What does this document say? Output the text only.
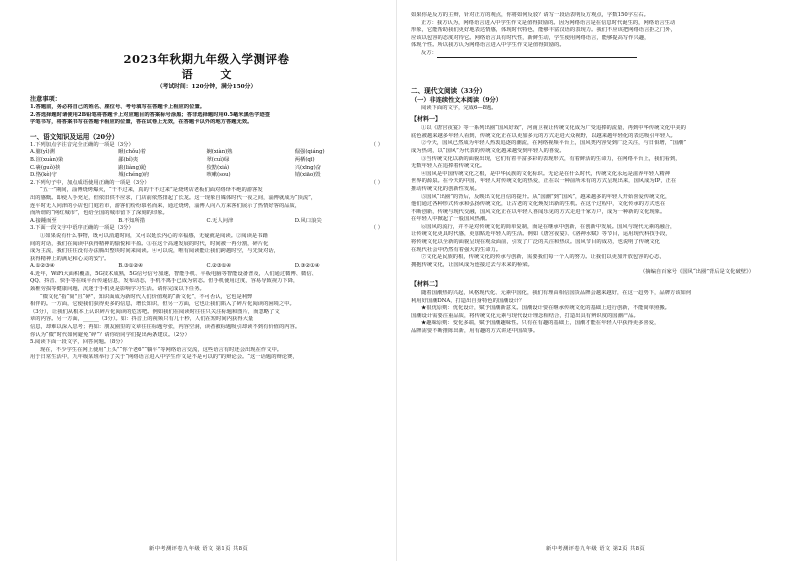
2023年秋期九年级入学测评卷
语 文
（考试时间：120分钟，满分150分）
注意事项：
1.答题前，务必将自己的姓名、座位号、考号填写在答题卡上相应的位置。
2.答选择题时请使用2B铅笔将答题卡上对应题目的答案标号涂黑；答非选择题时用0.5毫米黑色字迹签
字笔书写，将答案书写在答题卡相应的位置，答在试卷上无效，在答题卡以外的地方答题无效。
一、语文知识及运用（20分）
1.下列加点字注音完全正确的一项是（3分）	（ ）
A.臆(yì)测	瞅(chǒu)着	娴(xiàn)熟	倔强(qiáng)
B.渲(xuàn)染	鄙(bǐ)夷	翠(cuì)绿	两栖(qī)
C.裹(guǒ)挟	踉(liàng)跄	狡黠(xiá)	兴(xīng)奋
D.恪(kè)守	城(chéng)府	咳嗽(sou)	销(xiāo)毁
2.下列句子中，加点成语使用正确的一项是（3分）	（ ）
“五一”期间，淄博烧烤爆火，“干不过来，真的干不过来”是烧烤店老板们面对络绎不绝的游客发
出的感慨。即使人手充足，但依旧供不应求，门店前依然排起了长龙。这一现象自媒体时代一夜之间，淄博就成为“顶流”，
连平时无人问津的小店也门庭若市，游客们纷纷慕名而来，通过烧烤，淄博人向八方来客们展示了热情好客的品质，
而所谓的“网红城市”，也给全国的城市留下了深刻的印象。
A.接踵而至	B.不知所措	C.无人问津	D.风口浪尖
3.下面一段文字中语序正确的一项是（3分）	（ ）
①如果说有什么事物，既可以消遣时间，又可以延长内心的幸福感，无疑就是阅读。②阅读是书籍
间的对话，我们在阅读中获得精神的愉悦和丰盈。③在这个高速发展的时代，时间被一再分割，碎片化
成为主流，我们往往没有办法腾出整块时间来阅读。④可以说，唯有阅读能让我们跨越时空，与先贤对话，
获得精神上的满足和心灵的安宁。
A.①②③④	B.③①②④	C.②③①④	D.③②①④
4.近年，WiFi大面积覆盖，5G技术成熟，5G信号信号加速，智能手机、平板电脑等智能设备普及，人们通过微博、微信、
QQ、抖音、快手等在线平台传递信息，发布动态，手机不离手已成为常态。但手机使用过度，容易导致视力下降，
颈椎劳损等健康问题，沉迷于手机更是影响学习生活。请你完成以下任务。
“微文化”指“简”且“碎”，知识面成为新时代人们价值观的“新文化”，不可否认，它也是利弊
相伴的。一方面，它使我们获得更多的信息，增长知识，但另一方面，它也让我们陷入了碎片化阅读的困境之中。
（3分），让我们从根本上认识碎片化阅读的危害吧。例如我们在阅读时往往只关注标题和图片，而忽略了文
章的内容。另一方面，______（3分）。如：抖音上的视频只有几十秒，人们在短时间内获得大量
信息，却难以深入思考；再如：朋友圈里的文章往往标题夸张，内容空洞，读者被标题吸引却读不到有价值的内容。
你认为“微”时代如何避免“碎”？请你给同学们提出两条建议。（2分）
5.阅读下面一段文字，回答问题。（8分）
现在，不少学生在网上使用“上头”“你个老6”“躺平”等网络语言交流，这些语言有时还会出现在作文中。
用于日常生活中，九年级某班举行了关于“网络语言进入中学生作文是不是可以的”的辩论会。“这一话题的辩论赛，
新中考测评卷九年级 语文 第1页 共8页
如果你是反方的主辩，针对正方的观点，你将如何反驳？请写一段话表明反方观点，字数150字左右。
正方：我方认为，网络语言进入中学生作文是值得鼓励的。因为网络语言是在信息时代诞生的，网络语言生动
形象，它能帮助我们更好地表达情感，体现时代特色，能够丰富汉语的表现力。我们不应该把网络语言拒之门外，
应该以包容的态度对待它。网络语言具有时代性，新鲜生动，学生使用网络语言，能够提高写作兴趣，
体现个性。所以我方认为网络语言进入中学生作文是值得鼓励的。
反方：
二、现代文阅读（33分）
（一）非连续性文本阅读（9分）
阅读下面的文字，完成6—8题。
【材料一】
①以《唐宫夜宴》等一系列出圈“国风好戏”，河南卫视让传统文化成为广受追捧的流量，再到中华传统文化中美的
底色被越来越多年轻人看到，传统文化正在以更加多元的方式走进大众视野，以越来越年轻化的表达吸引年轻人。
②今天，国风已然成为年轻人热衷追逐的潮流，在网络视频平台上，国风类内容受到广泛关注，与日俱增，“国潮”
成为热词，以“国风”为代表的传统文化越来越受到年轻人的喜爱。
③当传统文化以新的面貌出现，它们有着丰富多彩的表现形式，有着鲜活的生命力，在网络平台上，我们看到，
无数年轻人在追捧着传统文化。
④国风是中国传统文化之根，是中华民族的文化标识。无论是在什么时代，传统文化永远是滋养年轻人精神
世界的源泉。在今天的中国，年轻人对传统文化的热爱，正在以一种前所未有的方式呈现出来，国风成为IP，正在
推动传统文化的创新性发展。
⑤国风“出圈”的背后，反映出文化自信的提升。从“国潮”到“国风”，越来越多的年轻人开始喜爱传统文化，
他们通过各种形式传承和弘扬传统文化，让古老的文化焕发出新的生机。在这个过程中，文化传承的方式也在
不断创新，传统与现代交融，国风文化正在以年轻人喜闻乐见的方式走进千家万户，成为一种新的文化现象。
在年轻人中掀起了一股国风热潮。
⑥国风的流行，并不是对传统文化的简单复制，而是在继承中创新，在创新中发展。国风与现代元素的融合，
让传统文化更具时代感，更加贴近年轻人的生活。例如《唐宫夜宴》、《洛神水赋》等节目，运用现代科技手段，
将传统文化以全新的面貌呈现在观众面前，引发了广泛的关注和热议。国风节目的成功，也说明了传统文化
在现代社会中仍然有着强大的生命力。
⑦文化是民族的根，传统文化的传承与创新，需要我们每一个人的努力。让我们以更加开放包容的心态，
拥抱传统文化，让国风成为连接过去与未来的桥梁。
（摘编自百家号《国风“出圈”背后是文化破壁》）
【材料二】
随着国潮热的兴起，风格现代化、元素中国化，我们有理由相信国货品牌会越来越好，在这一趋势下，品牌方该如何
利用好国潮DNA，打造出自身特色的国潮设计？
★很优原则：优化设计，赋予国潮新意义。国潮设计要在继承传统文化的基础上进行创新，不能简单照搬。
国潮设计需要注重品质，将传统文化元素与现代设计理念相结合，打造出具有辨识度的国潮产品。
★趣味原则：变化多端，赋予国潮趣味性。只有在有趣的基础上，国潮才能在年轻人中获得更多喜爱，
品牌需要不断推陈出新，用有趣的方式讲述中国故事。
新中考测评卷九年级 语文 第2页 共8页
